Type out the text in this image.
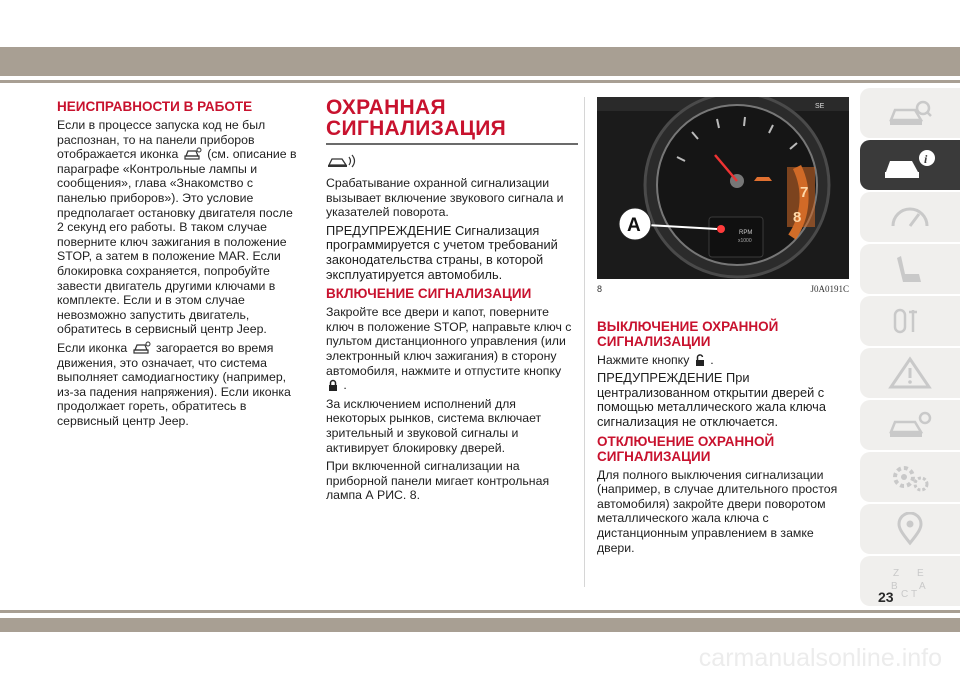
НЕИСПРАВНОСТИ В РАБОТЕ

Если в процессе запуска код не был распознан, то на панели приборов отображается иконка (см. описание в параграфе «Контрольные лампы и сообщения», глава «Знакомство с панелью приборов»). Это условие предполагает остановку двигателя после 2 секунд его работы. В таком случае поверните ключ зажигания в положение STOP, а затем в положение MAR. Если блокировка сохраняется, попробуйте завести двигатель другими ключами в комплекте. Если и в этом случае невозможно запустить двигатель, обратитесь в сервисный центр Jeep.

Если иконка загорается во время движения, это означает, что система выполняет самодиагностику (например, из-за падения напряжения). Если иконка продолжает гореть, обратитесь в сервисный центр Jeep.

ОХРАННАЯ
СИГНАЛИЗАЦИЯ

Срабатывание охранной сигнализации вызывает включение звукового сигнала и указателей поворота.

ПРЕДУПРЕЖДЕНИЕ Сигнализация программируется с учетом требований законодательства страны, в которой эксплуатируется автомобиль.

ВКЛЮЧЕНИЕ СИГНАЛИЗАЦИИ

Закройте все двери и капот, поверните ключ в положение STOP, направьте ключ с пультом дистанционного управления (или электронный ключ зажигания) в сторону автомобиля, нажмите и отпустите кнопку  .

За исключением исполнений для некоторых рынков, система включает зрительный и звуковой сигналы и активирует блокировку дверей.

При включенной сигнализации на приборной панели мигает контрольная лампа А РИС. 8.

7
8
RPM
x1000
A
SE
8	J0A0191C
ВЫКЛЮЧЕНИЕ ОХРАННОЙ
СИГНАЛИЗАЦИИ

Нажмите кнопку .

ПРЕДУПРЕЖДЕНИЕ При централизованном открытии дверей с помощью металлического жала ключа сигнализация не отключается.

ОТКЛЮЧЕНИЕ ОХРАННОЙ
СИГНАЛИЗАЦИИ

Для полного выключения сигнализации (например, в случае длительного простоя автомобиля) закройте двери поворотом металлического жала ключа с дистанционным управлением в замке двери.

i
Z E
B A
C T
23
carmanualsonline.info
